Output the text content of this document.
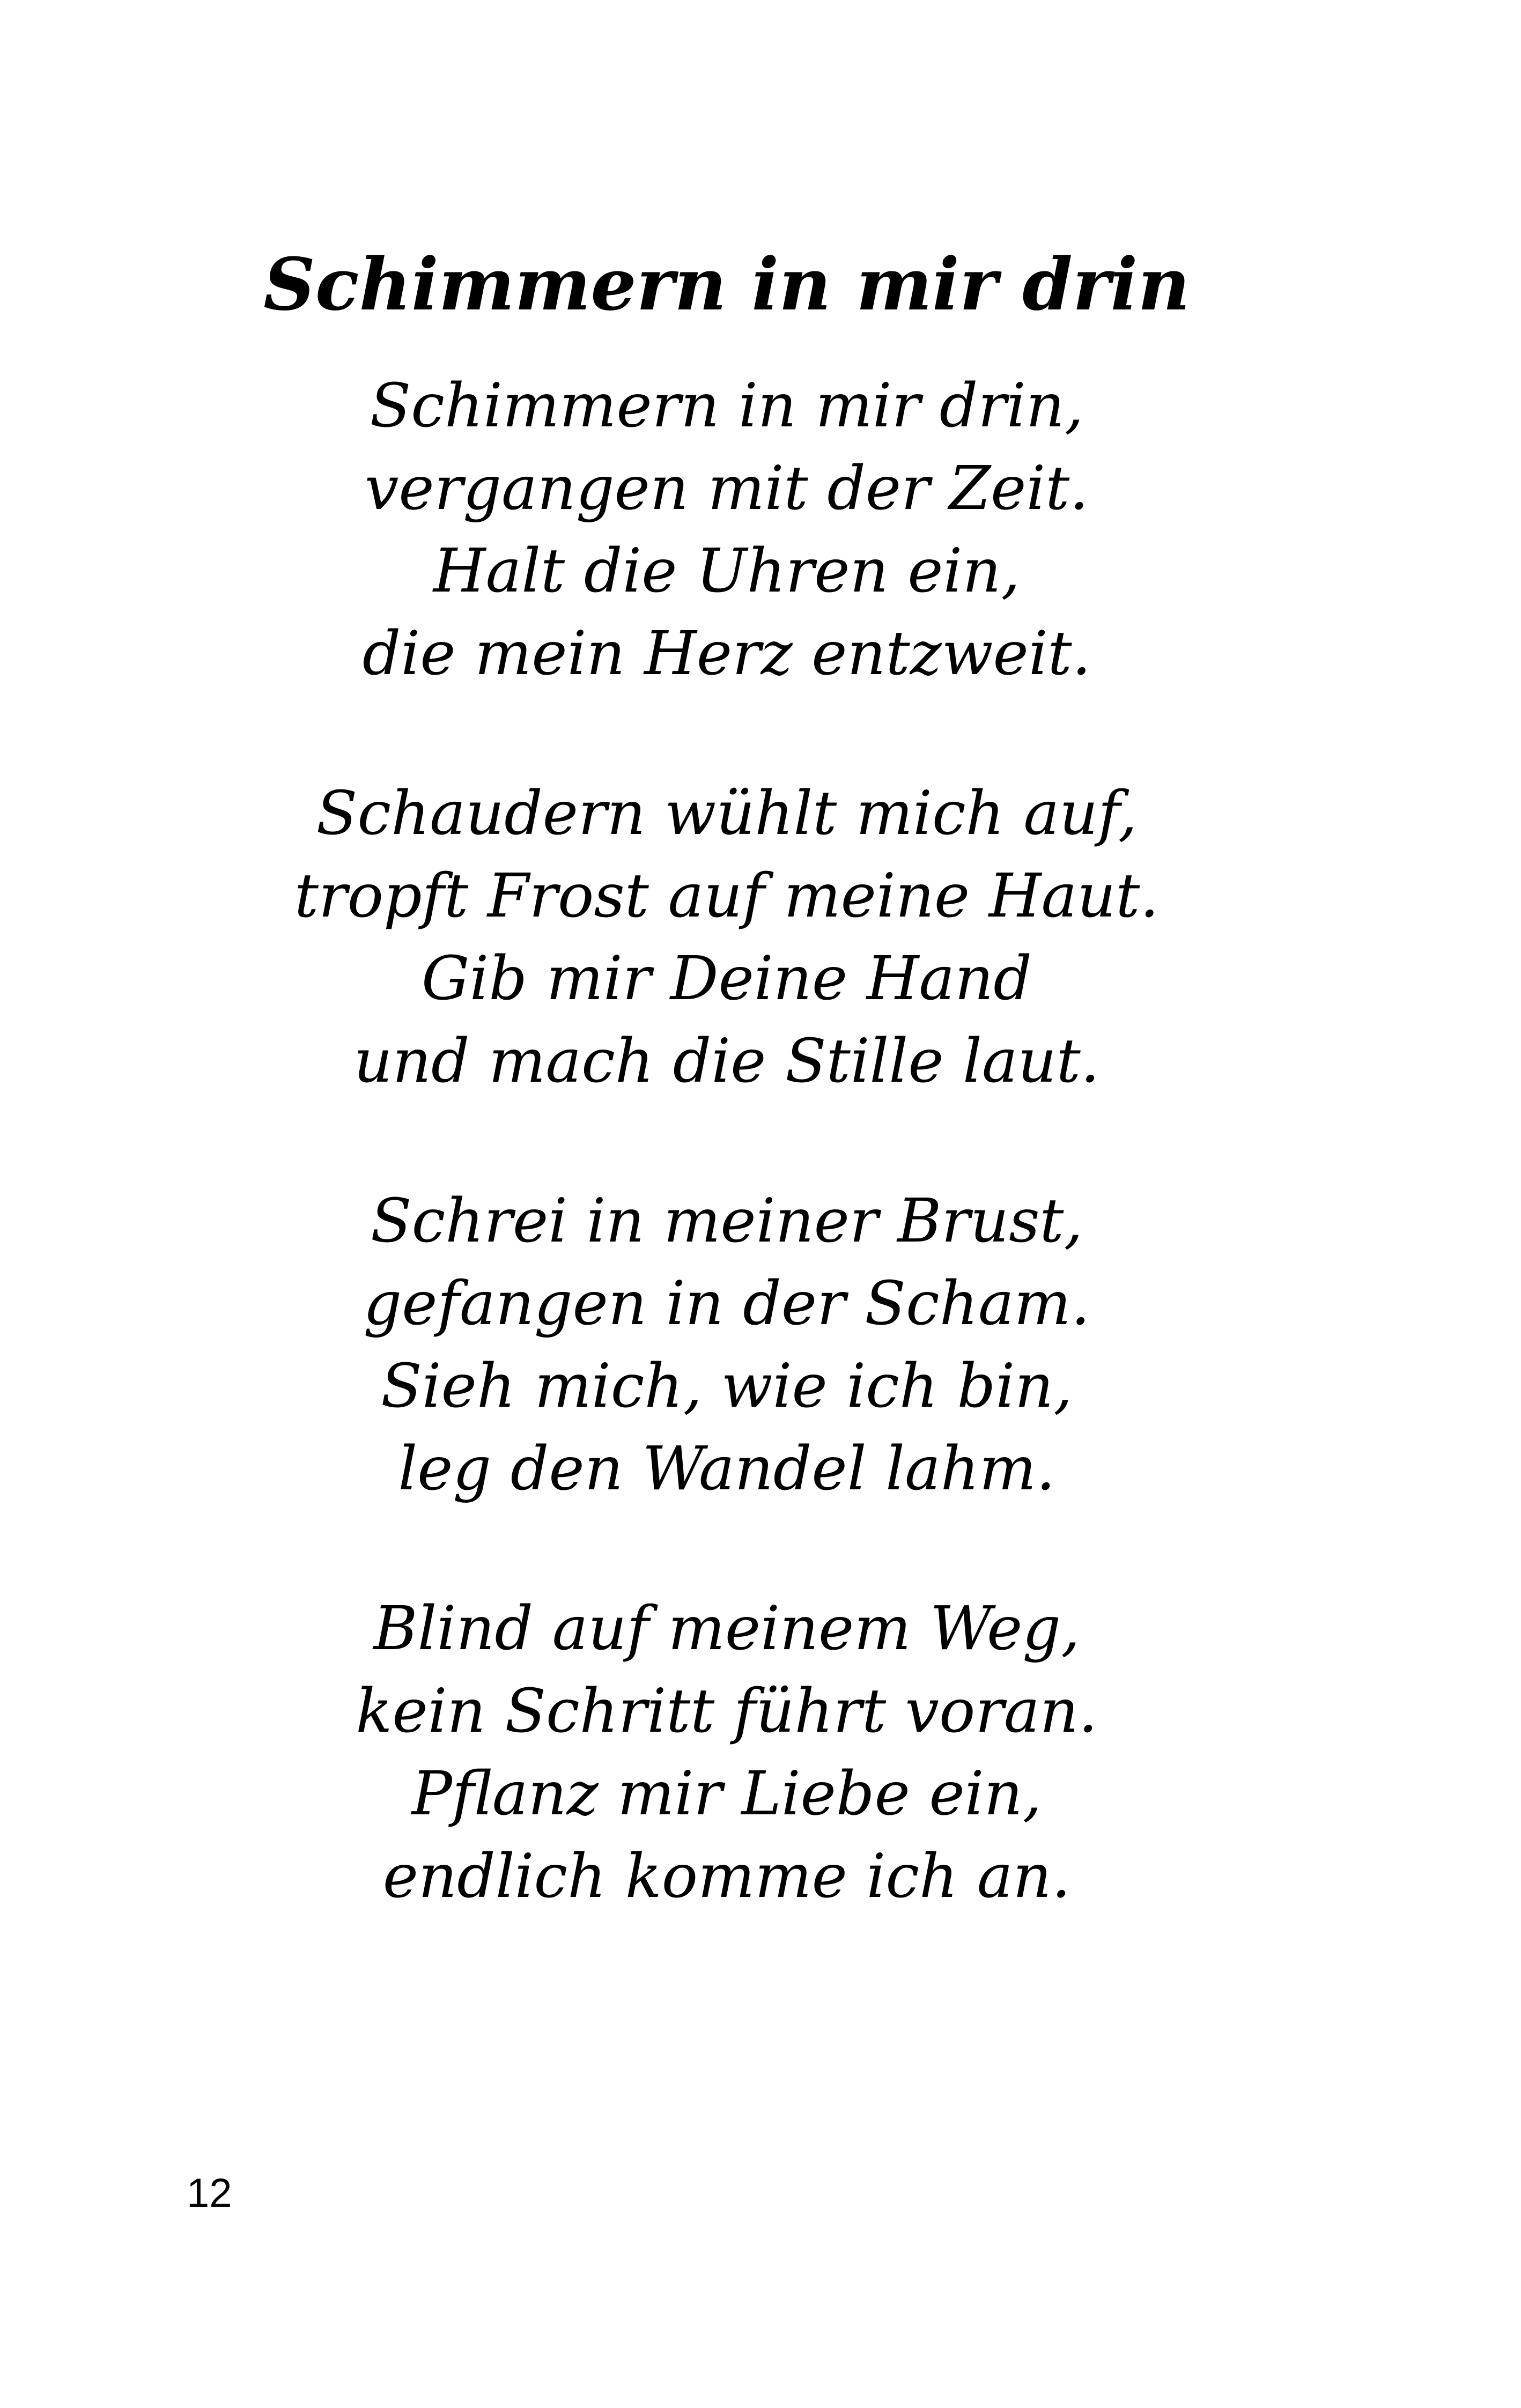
Schimmern in mir drin
Schimmern in mir drin,
vergangen mit der Zeit.
Halt die Uhren ein,
die mein Herz entzweit.
Schaudern wühlt mich auf,
tropft Frost auf meine Haut.
Gib mir Deine Hand
und mach die Stille laut.
Schrei in meiner Brust,
gefangen in der Scham.
Sieh mich, wie ich bin,
leg den Wandel lahm.
Blind auf meinem Weg,
kein Schritt führt voran.
Pflanz mir Liebe ein,
endlich komme ich an.
12
